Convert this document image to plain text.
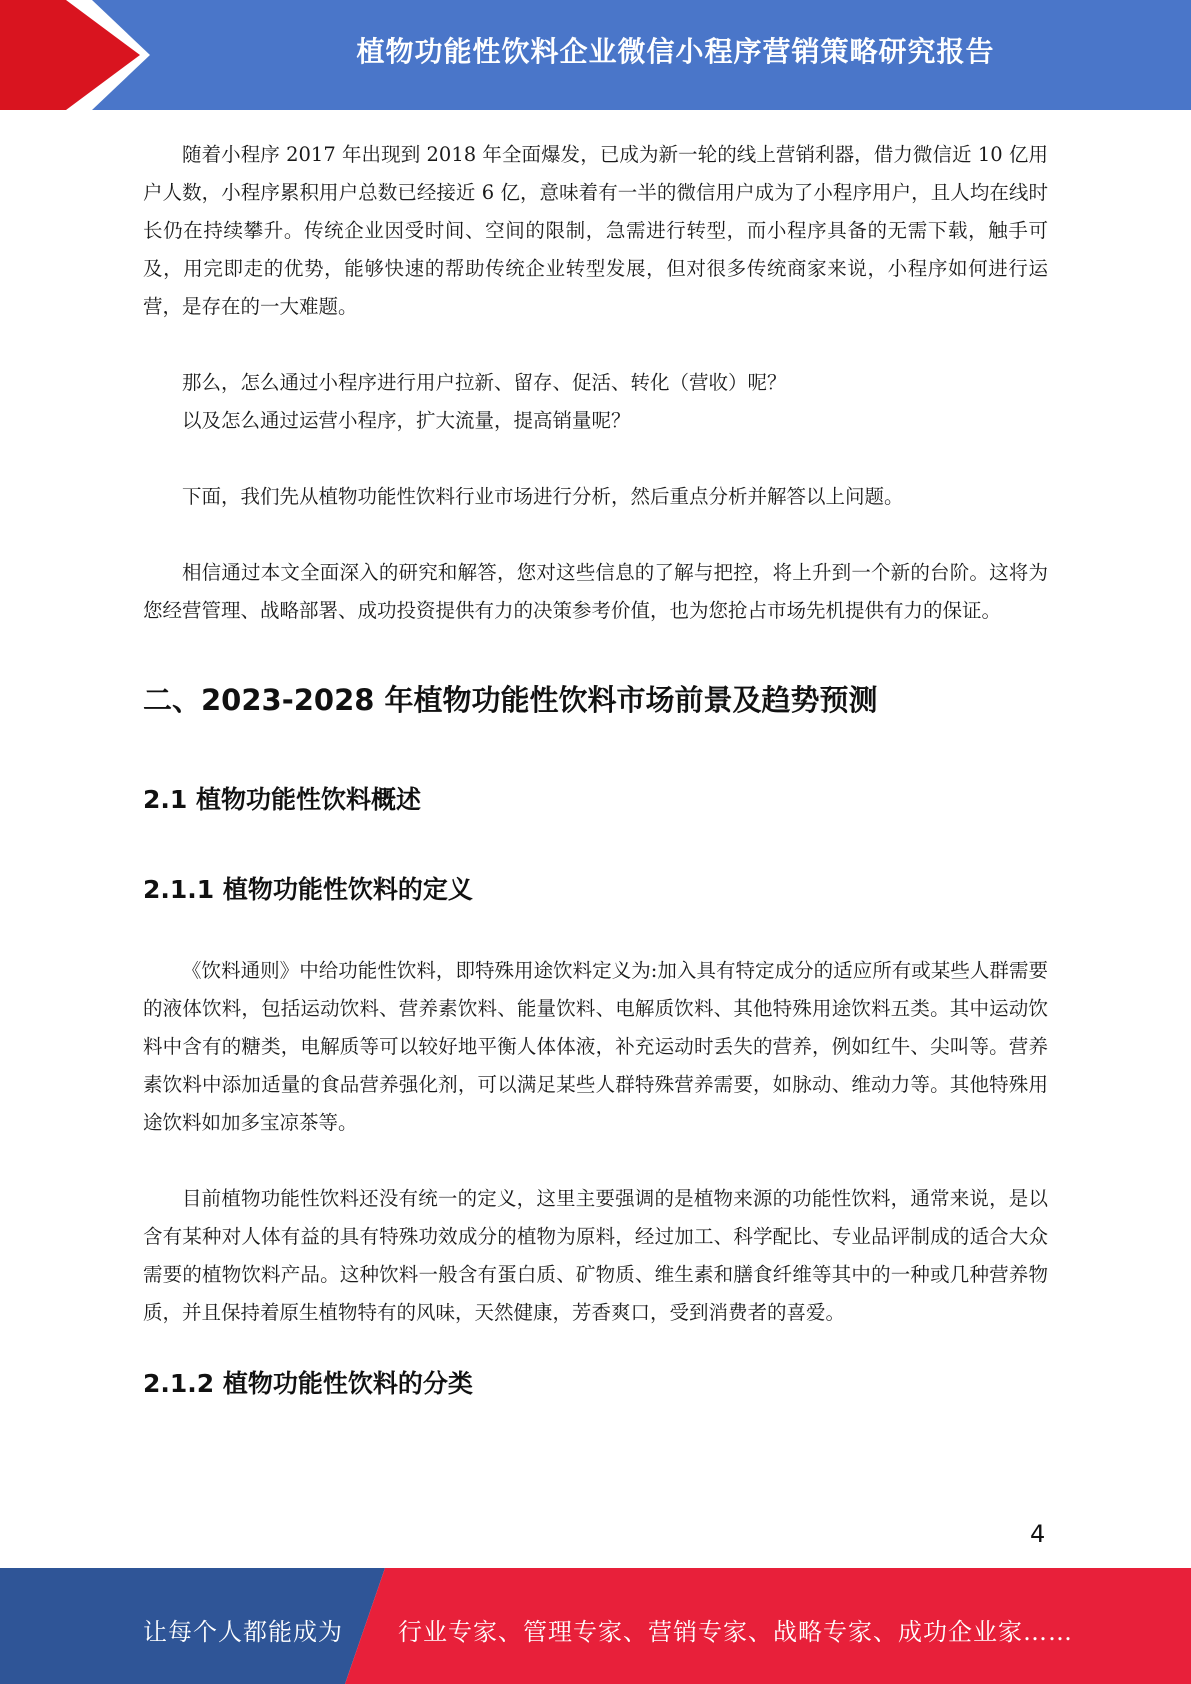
植物功能性饮料企业微信小程序营销策略研究报告

随着小程序 2017 年出现到 2018 年全面爆发，已成为新一轮的线上营销利器，借力微信近 10 亿用户人数，小程序累积用户总数已经接近 6 亿，意味着有一半的微信用户成为了小程序用户，且人均在线时长仍在持续攀升。传统企业因受时间、空间的限制，急需进行转型，而小程序具备的无需下载，触手可及，用完即走的优势，能够快速的帮助传统企业转型发展，但对很多传统商家来说，小程序如何进行运营，是存在的一大难题。

那么，怎么通过小程序进行用户拉新、留存、促活、转化（营收）呢？

以及怎么通过运营小程序，扩大流量，提高销量呢？

下面，我们先从植物功能性饮料行业市场进行分析，然后重点分析并解答以上问题。

相信通过本文全面深入的研究和解答，您对这些信息的了解与把控，将上升到一个新的台阶。这将为您经营管理、战略部署、成功投资提供有力的决策参考价值，也为您抢占市场先机提供有力的保证。

二、2023-2028 年植物功能性饮料市场前景及趋势预测
2.1 植物功能性饮料概述
2.1.1 植物功能性饮料的定义

《饮料通则》中给功能性饮料，即特殊用途饮料定义为:加入具有特定成分的适应所有或某些人群需要的液体饮料，包括运动饮料、营养素饮料、能量饮料、电解质饮料、其他特殊用途饮料五类。其中运动饮料中含有的糖类，电解质等可以较好地平衡人体体液，补充运动时丢失的营养，例如红牛、尖叫等。营养素饮料中添加适量的食品营养强化剂，可以满足某些人群特殊营养需要，如脉动、维动力等。其他特殊用途饮料如加多宝凉茶等。

目前植物功能性饮料还没有统一的定义，这里主要强调的是植物来源的功能性饮料，通常来说，是以含有某种对人体有益的具有特殊功效成分的植物为原料，经过加工、科学配比、专业品评制成的适合大众需要的植物饮料产品。这种饮料一般含有蛋白质、矿物质、维生素和膳食纤维等其中的一种或几种营养物质，并且保持着原生植物特有的风味，天然健康，芳香爽口，受到消费者的喜爱。

2.1.2 植物功能性饮料的分类
4
让每个人都能成为 行业专家、管理专家、营销专家、战略专家、成功企业家……
